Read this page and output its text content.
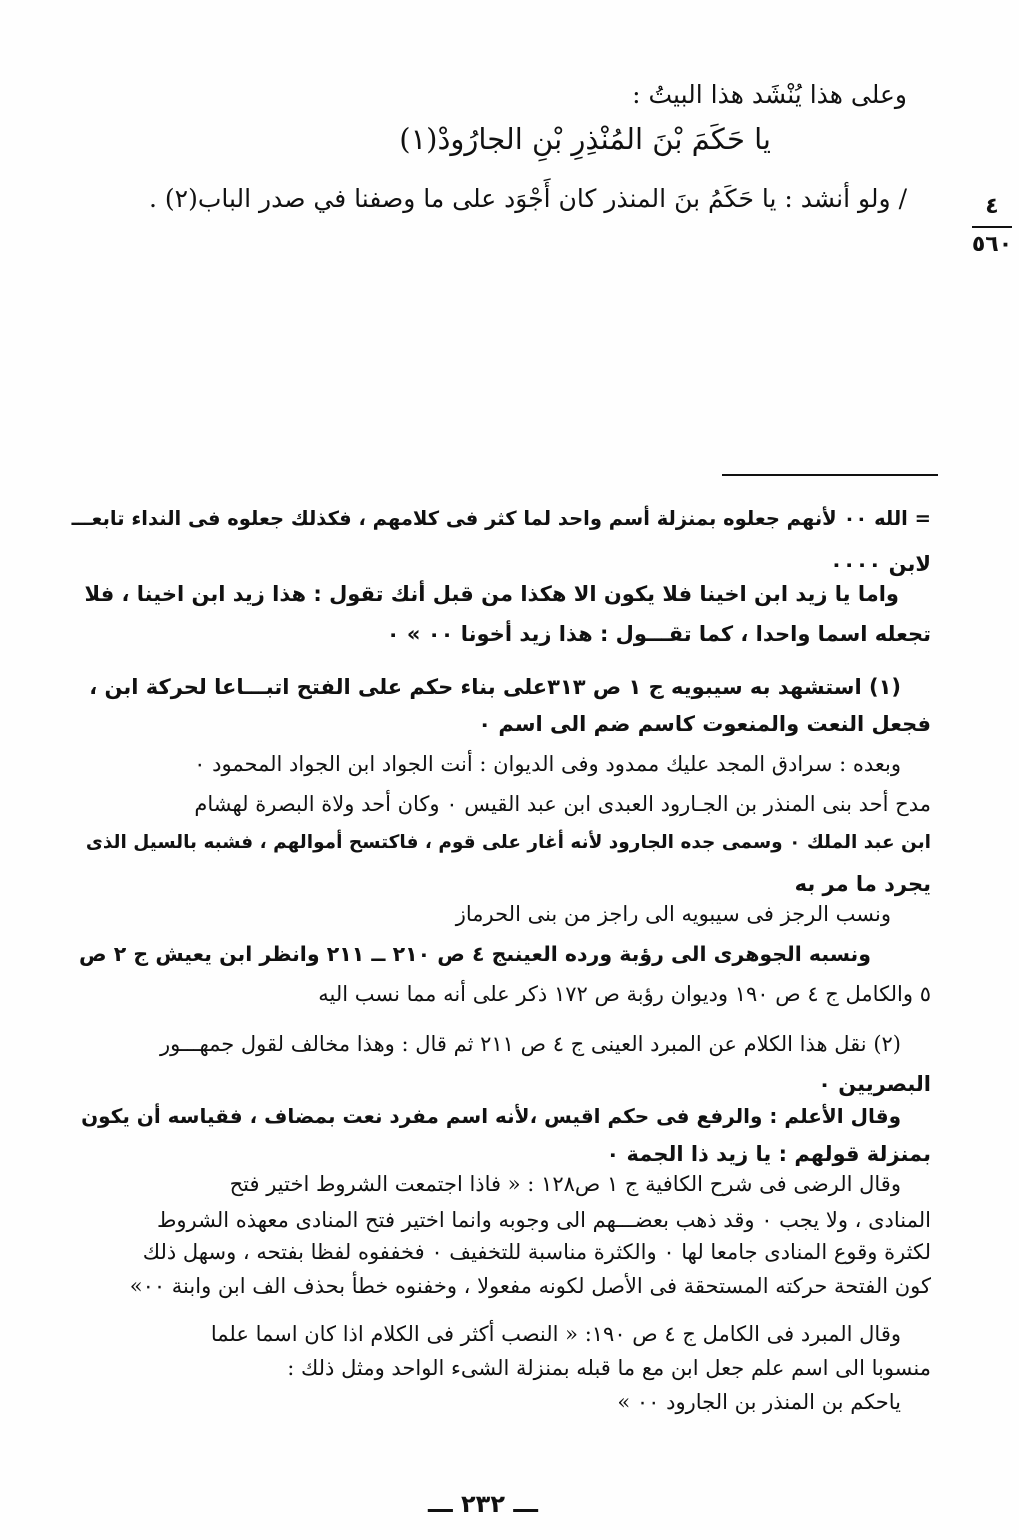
وعلى هذا يُنْشَد هذا البيتُ :
يا حَكَمَ بْنَ المُنْذِرِ بْنِ الجارُودْ(١)
/ ولو أنشد : يا حَكَمُ بنَ المنذر كان أَجْوَد على ما وصفنا في صدر الباب(٢) .	٤
٥٦٠
= الله ٠٠ لأنهم جعلوه بمنزلة أسم واحد لما كثر فى كلامهم ، فكذلك جعلوه فى النداء تابعـــ
لابن ٠٠٠٠
واما يا زيد ابن اخينا فلا يكون الا هكذا من قبل أنك تقول : هذا زيد ابن اخينا ، فلا
تجعله اسما واحدا ، كما تقـــول : هذا زيد أخونا ٠٠ » ٠
(١) استشهد به سيبويه ج ١ ص ٣١٣على بناء حكم على الفتح اتبـــاعا لحركة ابن ،
فجعل النعت والمنعوت كاسم ضم الى اسم ٠
وبعده : سرادق المجد عليك ممدود وفى الديوان : أنت الجواد ابن الجواد المحمود ٠
مدح أحد بنى المنذر بن الجـارود العبدى ابن عبد القيس ٠ وكان أحد ولاة البصرة لهشام
ابن عبد الملك ٠ وسمى جده الجارود لأنه أغار على قوم ، فاكتسح أموالهم ، فشبه بالسيل الذى
يجرد ما مر به
ونسب الرجز فى سيبويه الى راجز من بنى الحرماز
ونسبه الجوهرى الى رؤبة ورده العينىج ٤ ص ٢١٠ ــ ٢١١ وانظر ابن يعيش ج ٢ ص
٥ والكامل ج ٤ ص ١٩٠ وديوان رؤبة ص ١٧٢ ذكر على أنه مما نسب اليه
(٢) نقل هذا الكلام عن المبرد العينى ج ٤ ص ٢١١ ثم قال : وهذا مخالف لقول جمهـــور
البصريين ٠
وقال الأعلم : والرفع فى حكم اقيس ،لأنه اسم مفرد نعت بمضاف ، فقياسه أن يكون
بمنزلة قولهم : يا زيد ذا الجمة ٠
وقال الرضى فى شرح الكافية ج ١ ص١٢٨ : « فاذا اجتمعت الشروط اختير فتح
المنادى ، ولا يجب ٠ وقد ذهب بعضـــهم الى وجوبه وانما اختير فتح المنادى معهذه الشروط
لكثرة وقوع المنادى جامعا لها ٠ والكثرة مناسبة للتخفيف ٠ فخففوه لفظا بفتحه ، وسهل ذلك
كون الفتحة حركته المستحقة فى الأصل لكونه مفعولا ، وخفنوه خطأ بحذف الف ابن وابنة ٠٠»
وقال المبرد فى الكامل ج ٤ ص ١٩٠: « النصب أكثر فى الكلام اذا كان اسما علما
منسوبا الى اسم علم جعل ابن مع ما قبله بمنزلة الشىء الواحد ومثل ذلك :
ياحكم بن المنذر بن الجارود ٠٠ »
ـــ ٢٣٢ ـــ
